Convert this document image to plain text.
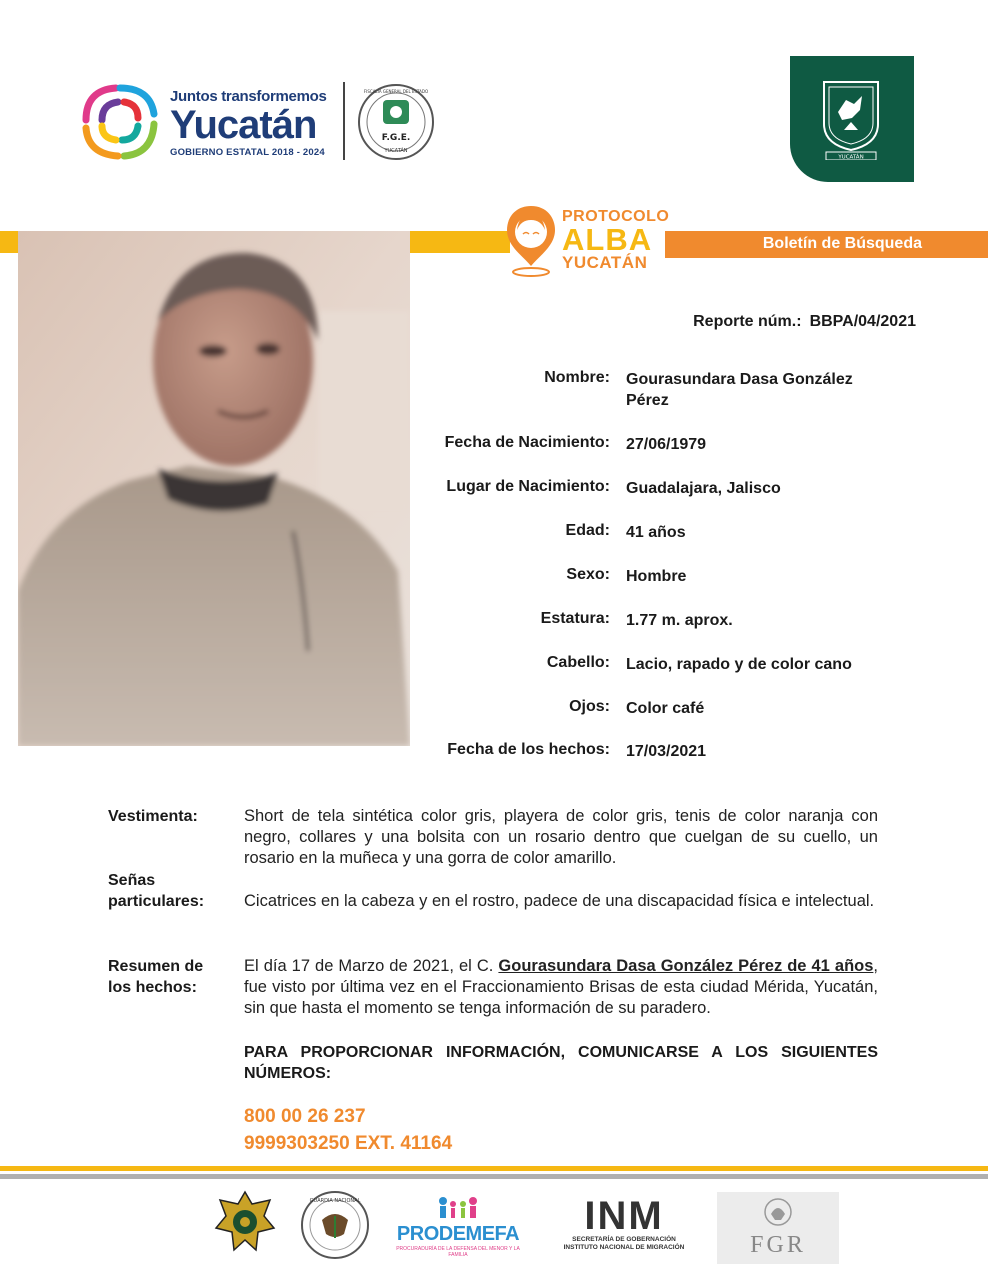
Juntos transformemos
Yucatán
GOBIERNO ESTATAL 2018 - 2024
F.G.E.
YUCATÁN
FISCALIA GENERAL DEL ESTADO
YUCATÁN
Boletín de Búsqueda
PROTOCOLO
ALBA
YUCATÁN
Reporte núm.: BBPA/04/2021
Nombre: Gourasundara Dasa González Pérez
Fecha de Nacimiento: 27/06/1979
Lugar de Nacimiento: Guadalajara, Jalisco
Edad: 41 años
Sexo: Hombre
Estatura: 1.77 m. aprox.
Cabello: Lacio, rapado y de color cano
Ojos: Color café
Fecha de los hechos: 17/03/2021
Vestimenta:	Short de tela sintética color gris, playera de color gris, tenis de color naranja con negro, collares y una bolsita con un rosario dentro que cuelgan de su cuello, un rosario en la muñeca y una gorra de color amarillo.
Señas
particulares: Cicatrices en la cabeza y en el rostro, padece de una discapacidad física e intelectual.
Resumen de
los hechos:
El día 17 de Marzo de 2021, el C. Gourasundara Dasa González Pérez de 41 años, fue visto por última vez en el Fraccionamiento Brisas de esta ciudad Mérida, Yucatán, sin que hasta el momento se tenga información de su paradero.
PARA PROPORCIONAR INFORMACIÓN, COMUNICARSE A LOS SIGUIENTES NÚMEROS:
800 00 26 237
9999303250 EXT. 41164
GUARDIA NACIONAL
PRODEMEFA
PROCURADURÍA DE LA DEFENSA DEL MENOR Y LA FAMILIA
INM
SECRETARÍA DE GOBERNACIÓN
INSTITUTO NACIONAL DE MIGRACIÓN	FGR
